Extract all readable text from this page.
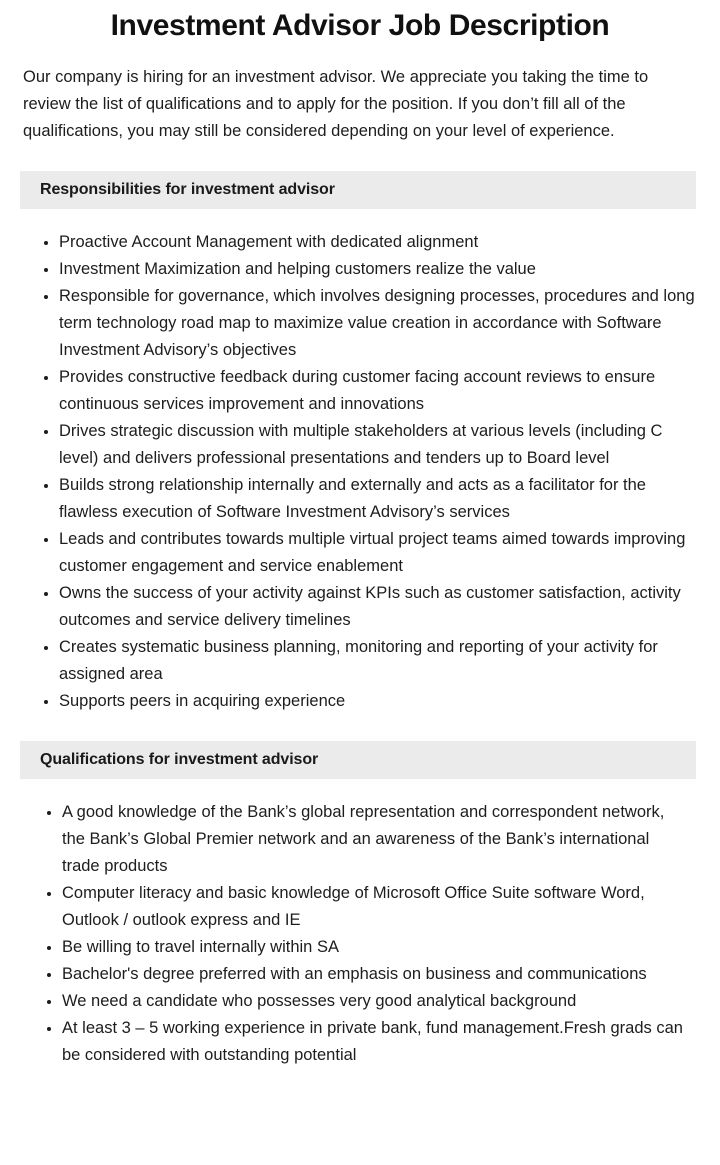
Investment Advisor Job Description

Our company is hiring for an investment advisor. We appreciate you taking the time to review the list of qualifications and to apply for the position. If you don’t fill all of the qualifications, you may still be considered depending on your level of experience.

Responsibilities for investment advisor
Proactive Account Management with dedicated alignment
Investment Maximization and helping customers realize the value
Responsible for governance, which involves designing processes, procedures and long term technology road map to maximize value creation in accordance with Software Investment Advisory’s objectives
Provides constructive feedback during customer facing account reviews to ensure continuous services improvement and innovations
Drives strategic discussion with multiple stakeholders at various levels (including C level) and delivers professional presentations and tenders up to Board level
Builds strong relationship internally and externally and acts as a facilitator for the flawless execution of Software Investment Advisory’s services
Leads and contributes towards multiple virtual project teams aimed towards improving customer engagement and service enablement
Owns the success of your activity against KPIs such as customer satisfaction, activity outcomes and service delivery timelines
Creates systematic business planning, monitoring and reporting of your activity for assigned area
Supports peers in acquiring experience
Qualifications for investment advisor
A good knowledge of the Bank’s global representation and correspondent network, the Bank’s Global Premier network and an awareness of the Bank’s international trade products
Computer literacy and basic knowledge of Microsoft Office Suite software Word, Outlook / outlook express and IE
Be willing to travel internally within SA
Bachelor's degree preferred with an emphasis on business and communications
We need a candidate who possesses very good analytical background
At least 3 – 5 working experience in private bank, fund management.Fresh grads can be considered with outstanding potential
